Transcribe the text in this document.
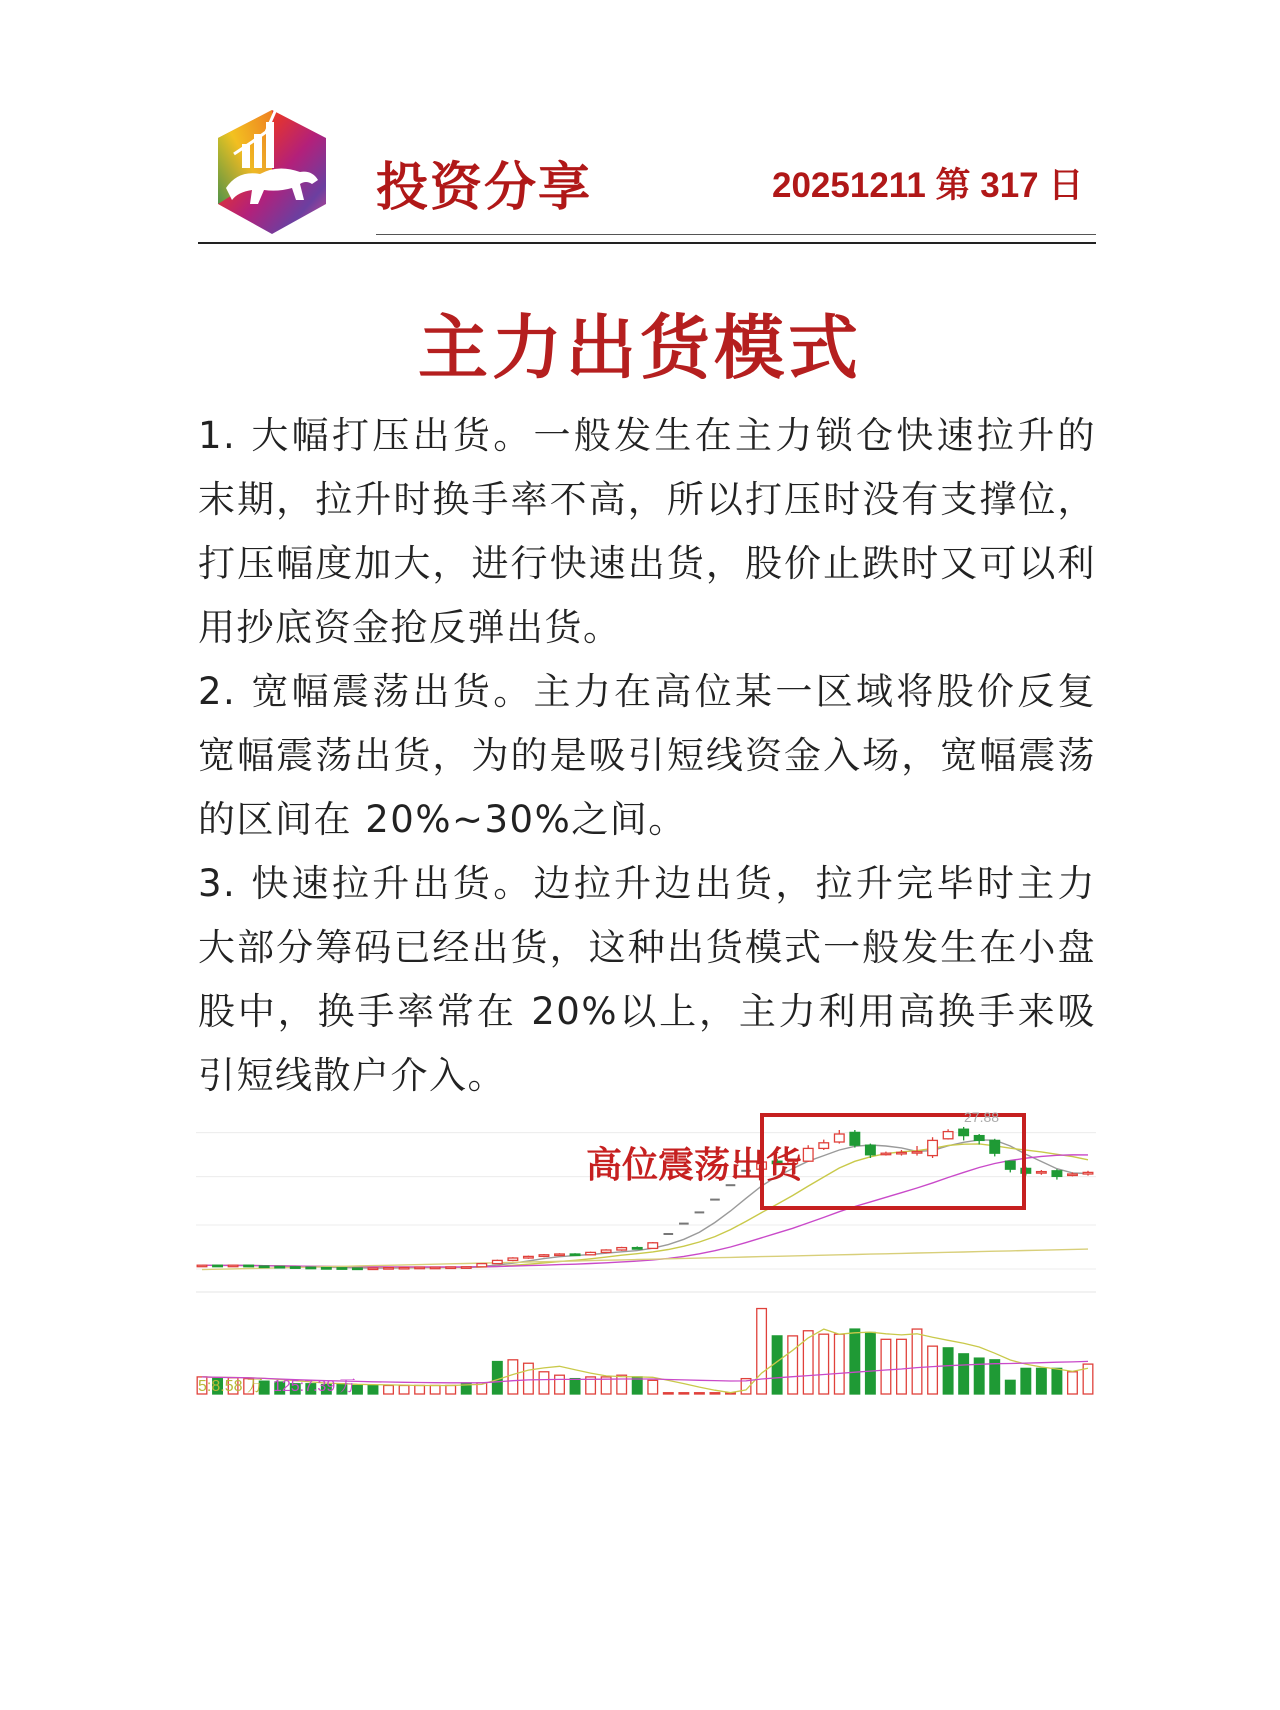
投资分享	20251211 第 317 日
主力出货模式

1. 大幅打压出货。一般发生在主力锁仓快速拉升的末期，拉升时换手率不高，所以打压时没有支撑位，打压幅度加大，进行快速出货，股价止跌时又可以利用抄底资金抢反弹出货。

2. 宽幅震荡出货。主力在高位某一区域将股价反复宽幅震荡出货，为的是吸引短线资金入场，宽幅震荡的区间在 20%~30%之间。

3. 快速拉升出货。边拉升边出货，拉升完毕时主力大部分筹码已经出货，这种出货模式一般发生在小盘股中，换手率常在 20%以上，主力利用高换手来吸引短线散户介入。

高位震荡出货
27.88
5:8.58 万 125:7.39 万
